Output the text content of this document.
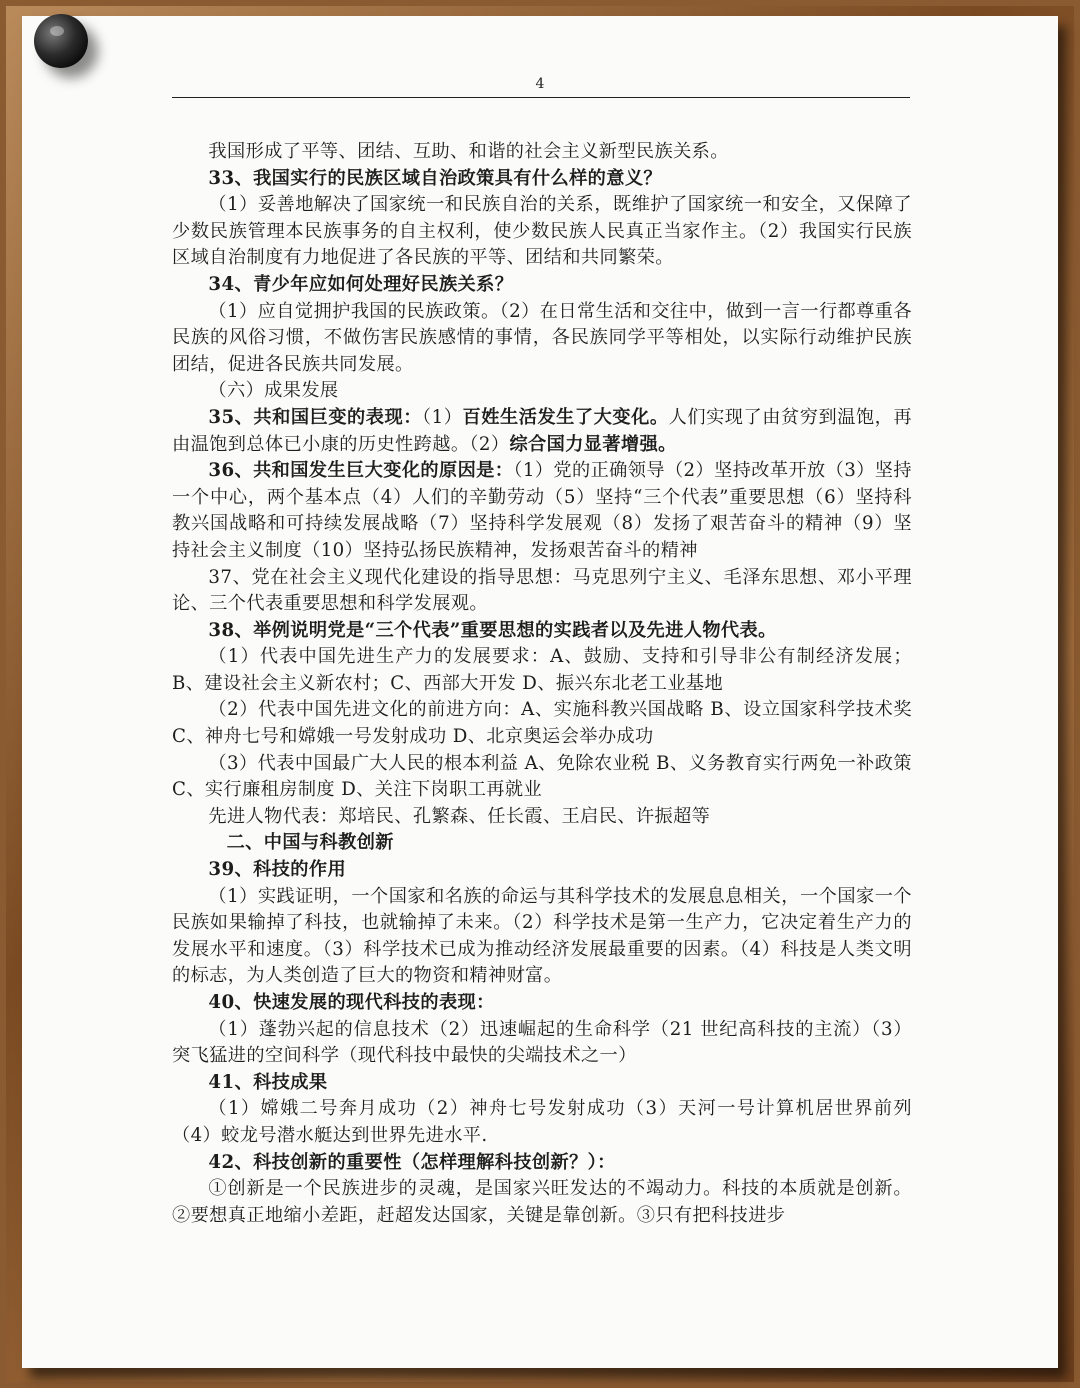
4

我国形成了平等、团结、互助、和谐的社会主义新型民族关系。

33、我国实行的民族区域自治政策具有什么样的意义？

（1）妥善地解决了国家统一和民族自治的关系，既维护了国家统一和安全，又保障了少数民族管理本民族事务的自主权利，使少数民族人民真正当家作主。（2）我国实行民族区域自治制度有力地促进了各民族的平等、团结和共同繁荣。

34、青少年应如何处理好民族关系？

（1）应自觉拥护我国的民族政策。（2）在日常生活和交往中，做到一言一行都尊重各民族的风俗习惯，不做伤害民族感情的事情，各民族同学平等相处，以实际行动维护民族团结，促进各民族共同发展。

（六）成果发展

35、共和国巨变的表现：（1）百姓生活发生了大变化。人们实现了由贫穷到温饱，再由温饱到总体已小康的历史性跨越。（2）综合国力显著增强。

36、共和国发生巨大变化的原因是：（1）党的正确领导（2）坚持改革开放（3）坚持一个中心，两个基本点（4）人们的辛勤劳动（5）坚持“三个代表”重要思想（6）坚持科教兴国战略和可持续发展战略（7）坚持科学发展观（8）发扬了艰苦奋斗的精神（9）坚持社会主义制度（10）坚持弘扬民族精神，发扬艰苦奋斗的精神

37、党在社会主义现代化建设的指导思想：马克思列宁主义、毛泽东思想、邓小平理论、三个代表重要思想和科学发展观。

38、举例说明党是“三个代表”重要思想的实践者以及先进人物代表。

（1）代表中国先进生产力的发展要求：A、鼓励、支持和引导非公有制经济发展；B、建设社会主义新农村；C、西部大开发 D、振兴东北老工业基地

（2）代表中国先进文化的前进方向：A、实施科教兴国战略 B、设立国家科学技术奖 C、神舟七号和嫦娥一号发射成功 D、北京奥运会举办成功

（3）代表中国最广大人民的根本利益 A、免除农业税 B、义务教育实行两免一补政策 C、实行廉租房制度 D、关注下岗职工再就业

先进人物代表：郑培民、孔繁森、任长霞、王启民、许振超等

二、中国与科教创新

39、科技的作用

（1）实践证明，一个国家和名族的命运与其科学技术的发展息息相关，一个国家一个民族如果输掉了科技，也就输掉了未来。（2）科学技术是第一生产力，它决定着生产力的发展水平和速度。（3）科学技术已成为推动经济发展最重要的因素。（4）科技是人类文明的标志，为人类创造了巨大的物资和精神财富。

40、快速发展的现代科技的表现：

（1）蓬勃兴起的信息技术（2）迅速崛起的生命科学（21 世纪高科技的主流）（3）突飞猛进的空间科学（现代科技中最快的尖端技术之一）

41、科技成果

（1）嫦娥二号奔月成功（2）神舟七号发射成功（3）天河一号计算机居世界前列（4）蛟龙号潜水艇达到世界先进水平.

42、科技创新的重要性（怎样理解科技创新？）：

①创新是一个民族进步的灵魂，是国家兴旺发达的不竭动力。科技的本质就是创新。②要想真正地缩小差距，赶超发达国家，关键是靠创新。③只有把科技进步
